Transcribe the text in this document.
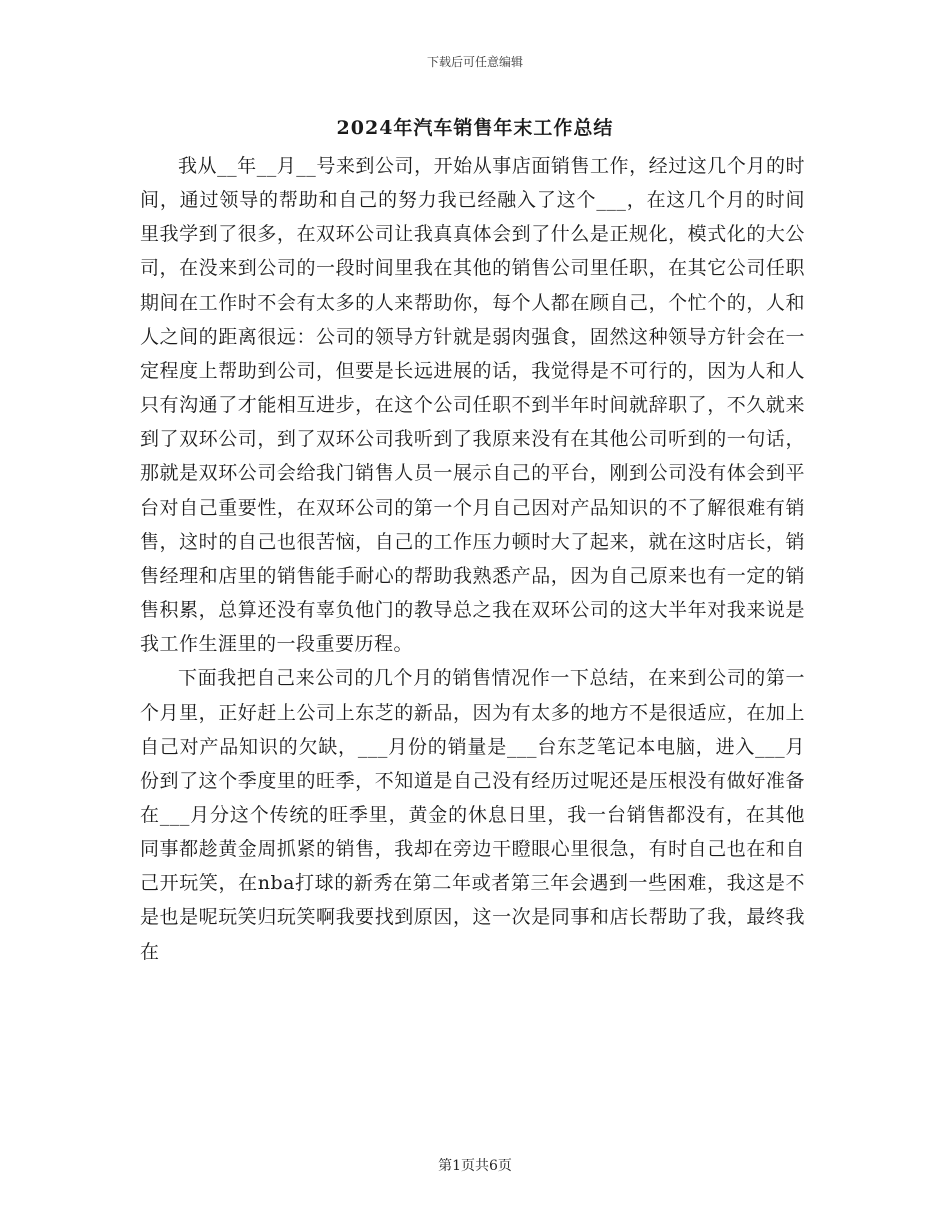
下载后可任意编辑
2024年汽车销售年末工作总结

我从__年__月__号来到公司，开始从事店面销售工作，经过这几个月的时间，通过领导的帮助和自己的努力我已经融入了这个___，在这几个月的时间里我学到了很多，在双环公司让我真真体会到了什么是正规化，模式化的大公司，在没来到公司的一段时间里我在其他的销售公司里任职，在其它公司任职期间在工作时不会有太多的人来帮助你，每个人都在顾自己，个忙个的，人和人之间的距离很远：公司的领导方针就是弱肉强食，固然这种领导方针会在一定程度上帮助到公司，但要是长远进展的话，我觉得是不可行的，因为人和人只有沟通了才能相互进步，在这个公司任职不到半年时间就辞职了，不久就来到了双环公司，到了双环公司我听到了我原来没有在其他公司听到的一句话，那就是双环公司会给我门销售人员一展示自己的平台，刚到公司没有体会到平台对自己重要性，在双环公司的第一个月自己因对产品知识的不了解很难有销售，这时的自己也很苦恼，自己的工作压力顿时大了起来，就在这时店长，销售经理和店里的销售能手耐心的帮助我熟悉产品，因为自己原来也有一定的销售积累，总算还没有辜负他门的教导总之我在双环公司的这大半年对我来说是我工作生涯里的一段重要历程。

下面我把自己来公司的几个月的销售情况作一下总结，在来到公司的第一个月里，正好赶上公司上东芝的新品，因为有太多的地方不是很适应，在加上自己对产品知识的欠缺，___月份的销量是___台东芝笔记本电脑，进入___月份到了这个季度里的旺季，不知道是自己没有经历过呢还是压根没有做好准备在___月分这个传统的旺季里，黄金的休息日里，我一台销售都没有，在其他同事都趁黄金周抓紧的销售，我却在旁边干瞪眼心里很急，有时自己也在和自己开玩笑，在nba打球的新秀在第二年或者第三年会遇到一些困难，我这是不是也是呢玩笑归玩笑啊我要找到原因，这一次是同事和店长帮助了我，最终我在

第1页共6页
